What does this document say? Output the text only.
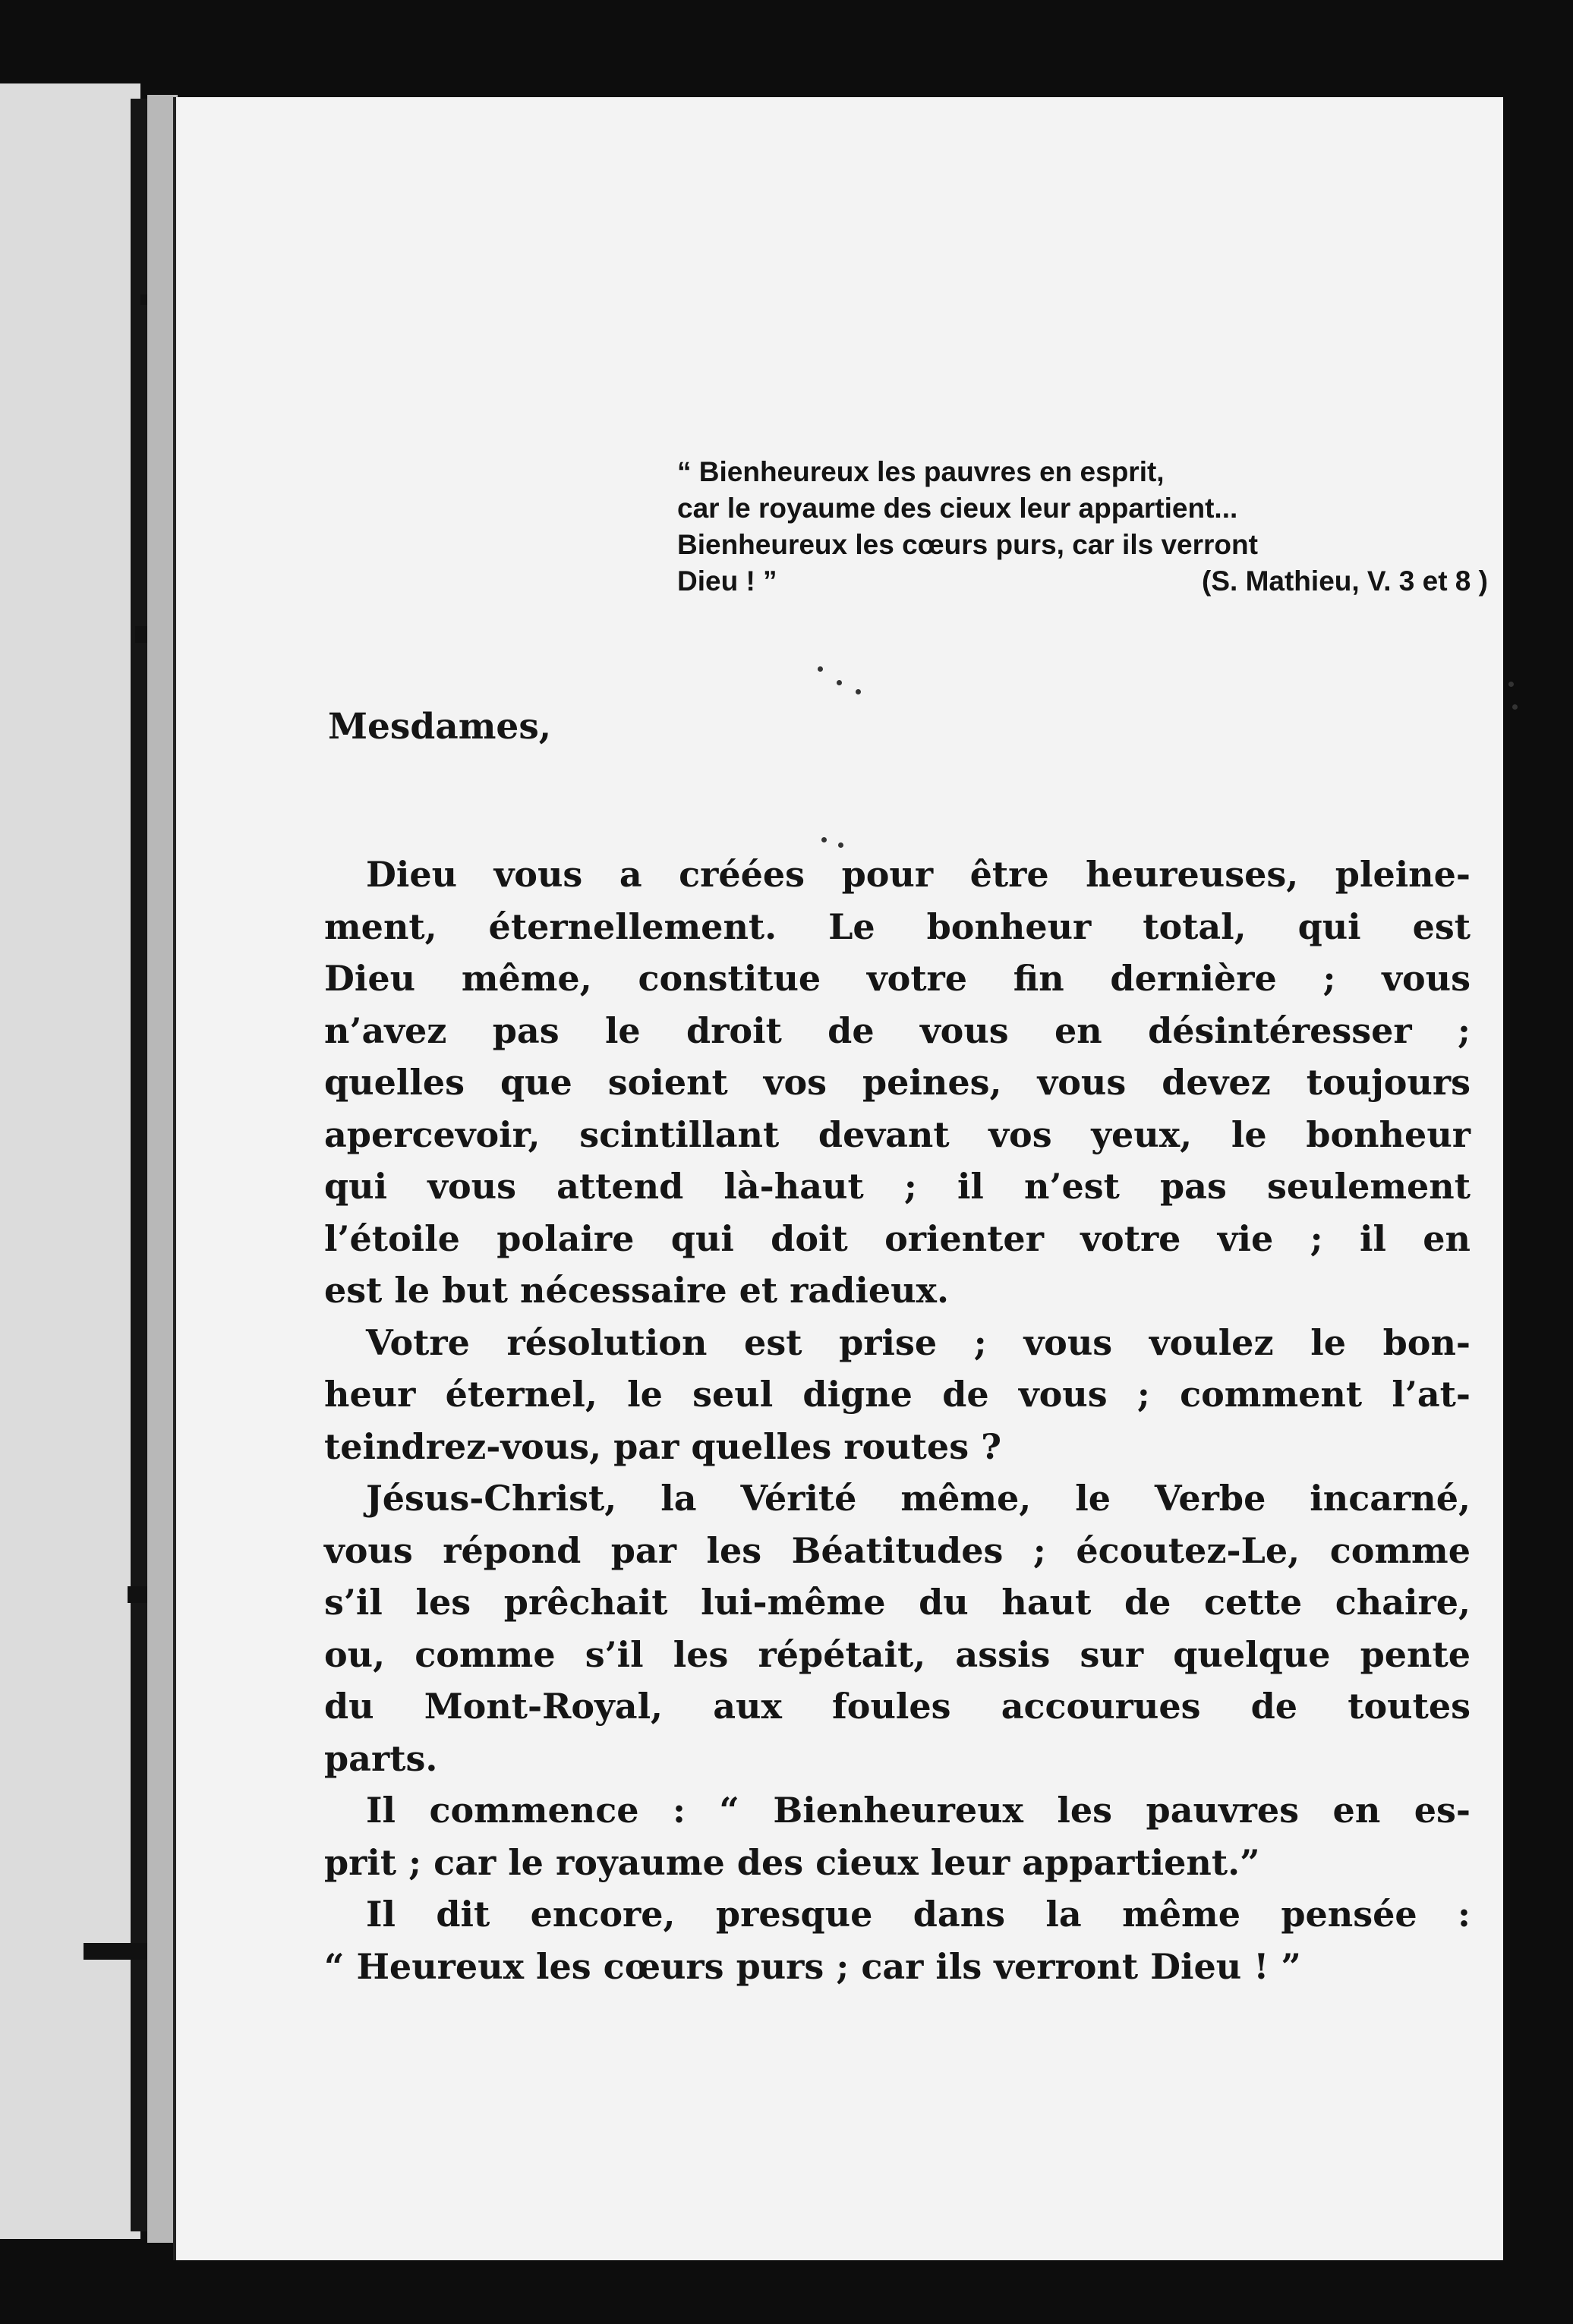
“ Bienheureux les pauvres en esprit,
car le royaume des cieux leur appartient...
Bienheureux les cœurs purs, car ils verront
Dieu ! ”	(S. Mathieu, V. 3 et 8 )
Mesdames,

Dieu vous a créées pour être heureuses, pleine-
ment, éternellement. Le bonheur total, qui est
Dieu même, constitue votre fin dernière ; vous
n’avez pas le droit de vous en désintéresser ;
quelles que soient vos peines, vous devez toujours
apercevoir, scintillant devant vos yeux, le bonheur
qui vous attend là-haut ; il n’est pas seulement
l’étoile polaire qui doit orienter votre vie ; il en
est le but nécessaire et radieux.

Votre résolution est prise ; vous voulez le bon-
heur éternel, le seul digne de vous ; comment l’at-
teindrez-vous, par quelles routes ?

Jésus-Christ, la Vérité même, le Verbe incarné,
vous répond par les Béatitudes ; écoutez-Le, comme
s’il les prêchait lui-même du haut de cette chaire,
ou, comme s’il les répétait, assis sur quelque pente
du Mont-Royal, aux foules accourues de toutes
parts.

Il commence : “ Bienheureux les pauvres en es-
prit ; car le royaume des cieux leur appartient.”

Il dit encore, presque dans la même pensée :
“ Heureux les cœurs purs ; car ils verront Dieu ! ”
